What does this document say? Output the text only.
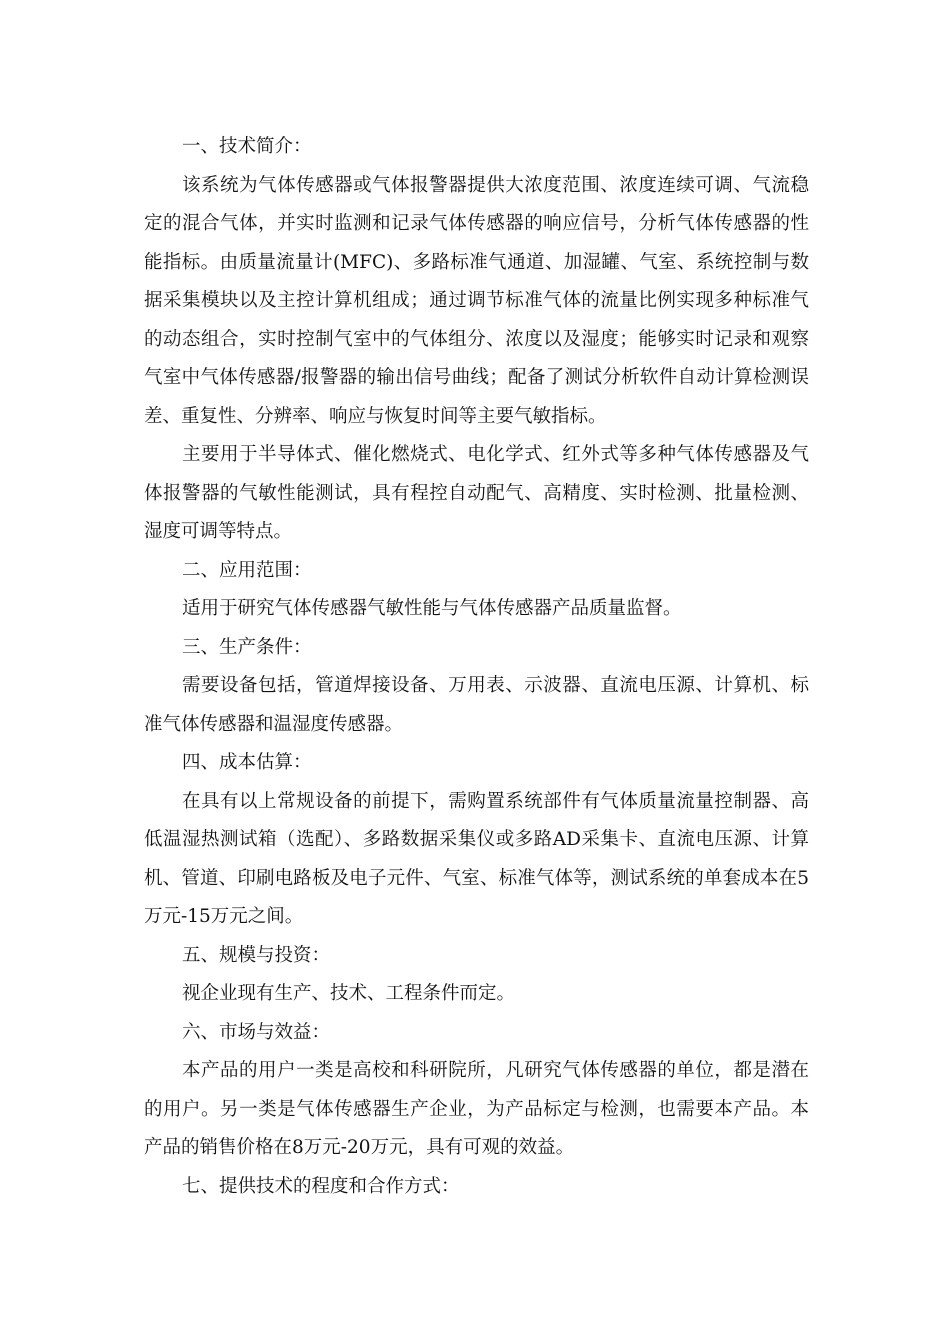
一、技术简介：

该系统为气体传感器或气体报警器提供大浓度范围、浓度连续可调、气流稳定的混合气体，并实时监测和记录气体传感器的响应信号，分析气体传感器的性能指标。由质量流量计(MFC)、多路标准气通道、加湿罐、气室、系统控制与数据采集模块以及主控计算机组成；通过调节标准气体的流量比例实现多种标准气的动态组合，实时控制气室中的气体组分、浓度以及湿度；能够实时记录和观察气室中气体传感器/报警器的输出信号曲线；配备了测试分析软件自动计算检测误差、重复性、分辨率、响应与恢复时间等主要气敏指标。

主要用于半导体式、催化燃烧式、电化学式、红外式等多种气体传感器及气体报警器的气敏性能测试，具有程控自动配气、高精度、实时检测、批量检测、湿度可调等特点。

二、应用范围：

适用于研究气体传感器气敏性能与气体传感器产品质量监督。

三、生产条件：

需要设备包括，管道焊接设备、万用表、示波器、直流电压源、计算机、标准气体传感器和温湿度传感器。

四、成本估算：

在具有以上常规设备的前提下，需购置系统部件有气体质量流量控制器、高低温湿热测试箱（选配）、多路数据采集仪或多路AD采集卡、直流电压源、计算机、管道、印刷电路板及电子元件、气室、标准气体等，测试系统的单套成本在5万元-15万元之间。

五、规模与投资：

视企业现有生产、技术、工程条件而定。

六、市场与效益：

本产品的用户一类是高校和科研院所，凡研究气体传感器的单位，都是潜在的用户。另一类是气体传感器生产企业，为产品标定与检测，也需要本产品。本产品的销售价格在8万元-20万元，具有可观的效益。

七、提供技术的程度和合作方式：
